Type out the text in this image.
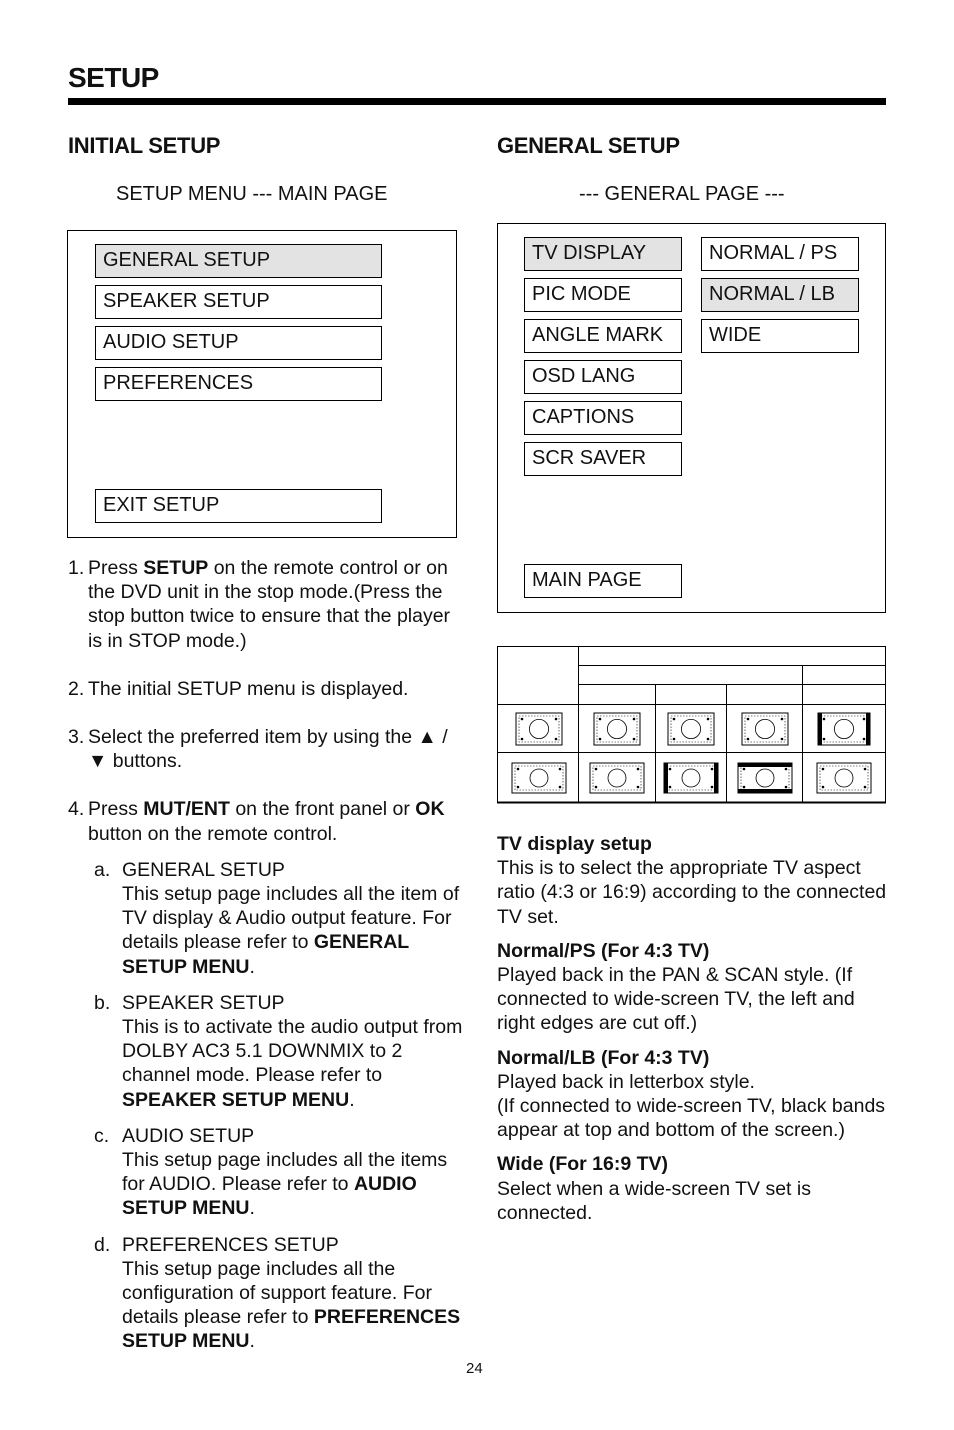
SETUP
INITIAL SETUP
SETUP MENU --- MAIN PAGE
GENERAL SETUP
SPEAKER SETUP
AUDIO SETUP
PREFERENCES
EXIT SETUP
1. Press SETUP on the remote control or on the DVD unit in the stop mode.(Press the stop button twice to ensure that the player is in STOP mode.)
2. The initial SETUP menu is displayed.
3. Select the preferred item by using the ▲ / ▼ buttons.
4. Press MUT/ENT on the front panel or OK button on the remote control.
a. GENERAL SETUP
This setup page includes all the item of TV display & Audio output feature. For details please refer to GENERAL SETUP MENU.
b. SPEAKER SETUP
This is to activate the audio output from DOLBY AC3 5.1 DOWNMIX to 2 channel mode. Please refer to SPEAKER SETUP MENU.
c. AUDIO SETUP
This setup page includes all the items for AUDIO. Please refer to AUDIO SETUP MENU.
d. PREFERENCES SETUP
This setup page includes all the configuration of support feature. For details please refer to PREFERENCES SETUP MENU.
GENERAL SETUP
--- GENERAL PAGE ---
TV DISPLAY
PIC MODE
ANGLE MARK
OSD LANG
CAPTIONS
SCR SAVER
MAIN PAGE
NORMAL / PS
NORMAL / LB
WIDE
TV display setup
This is to select the appropriate TV aspect ratio (4:3 or 16:9) according to the connected TV set.
Normal/PS (For 4:3 TV)
Played back in the PAN & SCAN style. (If connected to wide-screen TV, the left and right edges are cut off.)
Normal/LB (For 4:3 TV)
Played back in letterbox style.
(If connected to wide-screen TV, black bands appear at top and bottom of the screen.)
Wide (For 16:9 TV)
Select when a wide-screen TV set is connected.
24
